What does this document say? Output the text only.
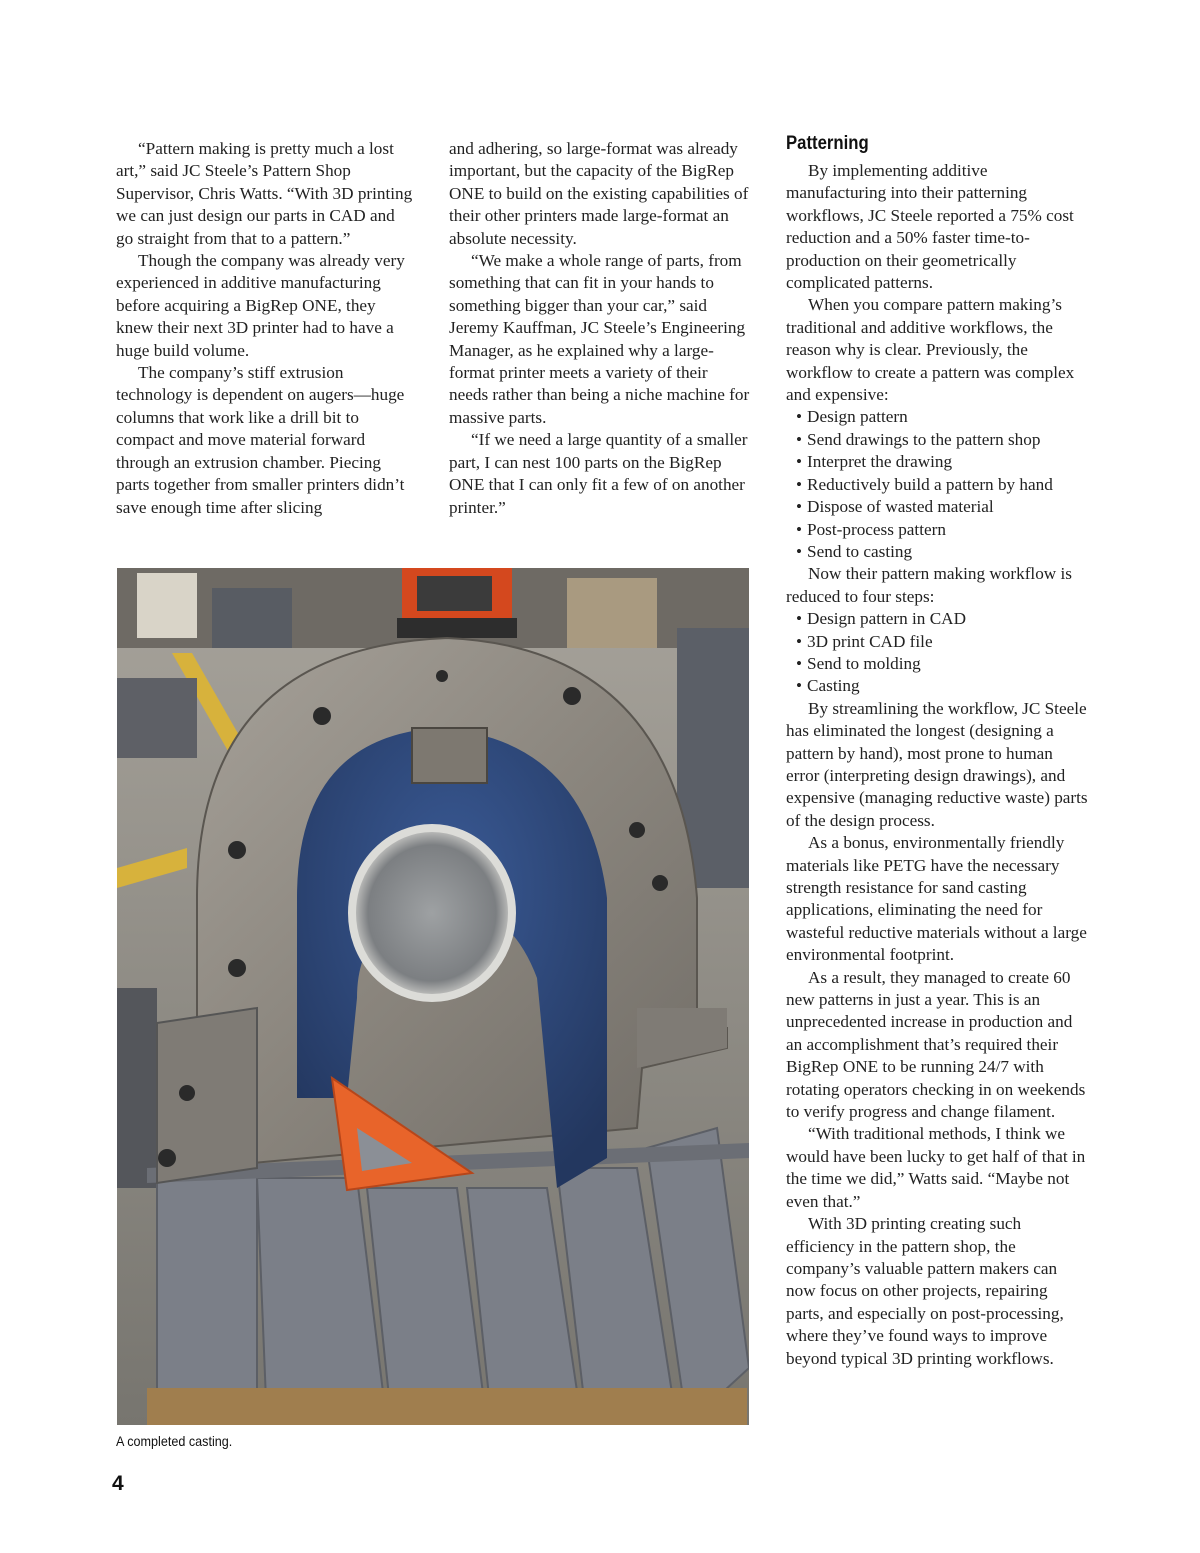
“Pattern making is pretty much a lost art,” said JC Steele’s Pattern Shop Supervisor, Chris Watts. “With 3D printing we can just design our parts in CAD and go straight from that to a pattern.”

Though the company was already very experienced in additive manufacturing before acquiring a BigRep ONE, they knew their next 3D printer had to have a huge build volume.

The company’s stiff extrusion technology is dependent on augers—huge columns that work like a drill bit to compact and move material forward through an extrusion chamber. Piecing parts together from smaller printers didn’t save enough time after slicing

and adhering, so large-format was already important, but the capacity of the BigRep ONE to build on the existing capabilities of their other printers made large-format an absolute necessity.

“We make a whole range of parts, from something that can fit in your hands to something bigger than your car,” said Jeremy Kauffman, JC Steele’s Engineering Manager, as he explained why a large- format printer meets a variety of their needs rather than being a niche machine for massive parts.

“If we need a large quantity of a smaller part, I can nest 100 parts on the BigRep ONE that I can only fit a few of on another printer.”

Patterning

By implementing additive manufacturing into their patterning workflows, JC Steele reported a 75% cost reduction and a 50% faster time-to-production on their geometrically complicated patterns.

When you compare pattern making’s traditional and additive workflows, the reason why is clear. Previously, the workflow to create a pattern was complex and expensive:

• Design pattern
• Send drawings to the pattern shop
• Interpret the drawing
• Reductively build a pattern by hand
• Dispose of wasted material
• Post-process pattern
• Send to casting

Now their pattern making workflow is reduced to four steps:

• Design pattern in CAD
• 3D print CAD file
• Send to molding
• Casting

By streamlining the workflow, JC Steele has eliminated the longest (designing a pattern by hand), most prone to human error (interpreting design drawings), and expensive (managing reductive waste) parts of the design process.

As a bonus, environmentally friendly materials like PETG have the necessary strength resistance for sand casting applications, eliminating the need for wasteful reductive materials without a large environmental footprint.

As a result, they managed to create 60 new patterns in just a year. This is an unprecedented increase in production and an accomplishment that’s required their BigRep ONE to be running 24/7 with rotating operators checking in on weekends to verify progress and change filament.

“With traditional methods, I think we would have been lucky to get half of that in the time we did,” Watts said. “Maybe not even that.”

With 3D printing creating such efficiency in the pattern shop, the company’s valuable pattern makers can now focus on other projects, repairing parts, and especially on post-processing, where they’ve found ways to improve beyond typical 3D printing workflows.

A completed casting.
4
